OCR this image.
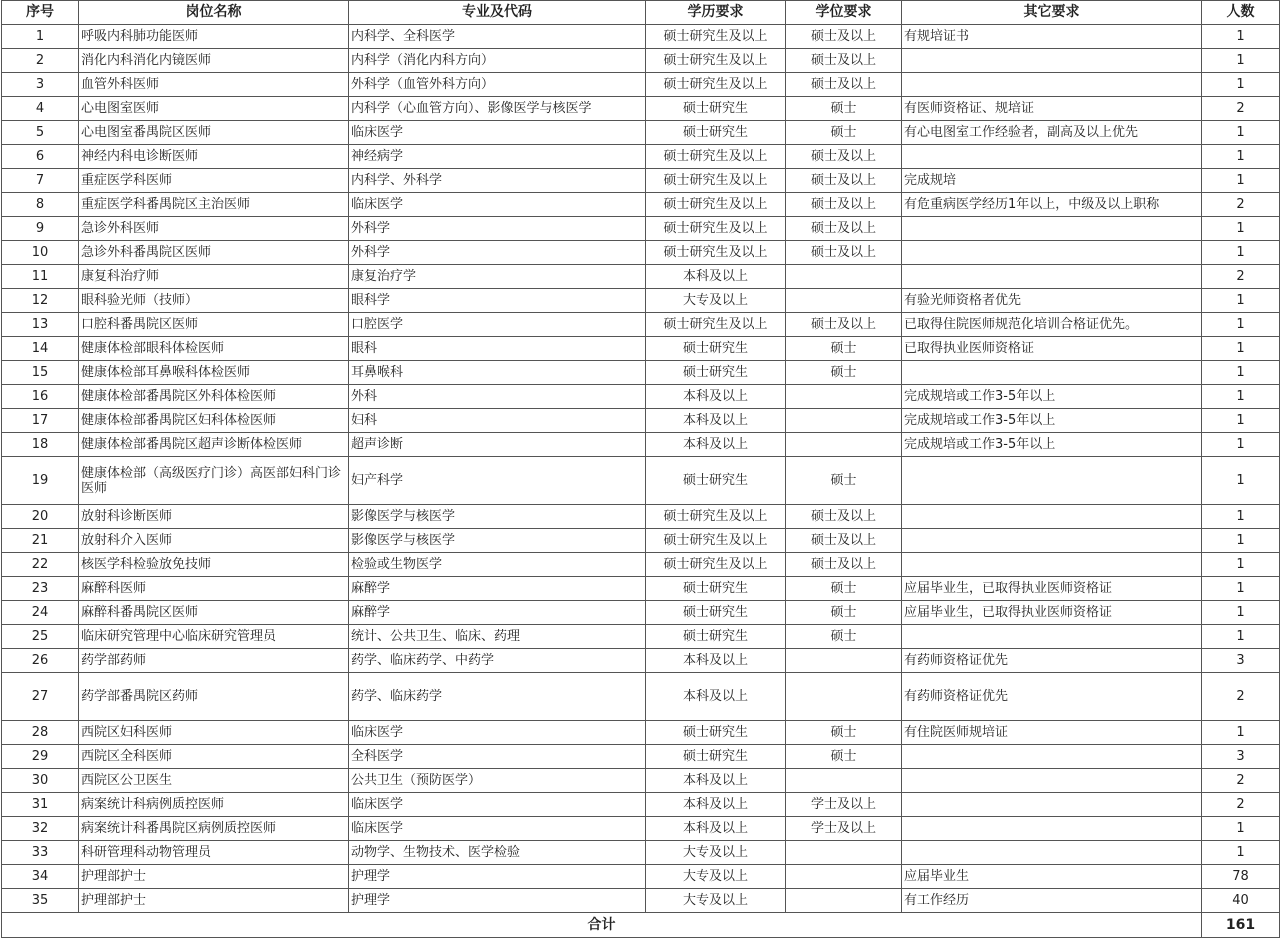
序号	岗位名称	专业及代码	学历要求	学位要求	其它要求	人数
1	呼吸内科肺功能医师	内科学、全科医学	硕士研究生及以上	硕士及以上	有规培证书	1
2	消化内科消化内镜医师	内科学（消化内科方向）	硕士研究生及以上	硕士及以上		1
3	血管外科医师	外科学（血管外科方向）	硕士研究生及以上	硕士及以上		1
4	心电图室医师	内科学（心血管方向）、影像医学与核医学	硕士研究生	硕士	有医师资格证、规培证	2
5	心电图室番禺院区医师	临床医学	硕士研究生	硕士	有心电图室工作经验者，副高及以上优先	1
6	神经内科电诊断医师	神经病学	硕士研究生及以上	硕士及以上		1
7	重症医学科医师	内科学、外科学	硕士研究生及以上	硕士及以上	完成规培	1
8	重症医学科番禺院区主治医师	临床医学	硕士研究生及以上	硕士及以上	有危重病医学经历1年以上，中级及以上职称	2
9	急诊外科医师	外科学	硕士研究生及以上	硕士及以上		1
10	急诊外科番禺院区医师	外科学	硕士研究生及以上	硕士及以上		1
11	康复科治疗师	康复治疗学	本科及以上			2
12	眼科验光师（技师）	眼科学	大专及以上		有验光师资格者优先	1
13	口腔科番禺院区医师	口腔医学	硕士研究生及以上	硕士及以上	已取得住院医师规范化培训合格证优先。	1
14	健康体检部眼科体检医师	眼科	硕士研究生	硕士	已取得执业医师资格证	1
15	健康体检部耳鼻喉科体检医师	耳鼻喉科	硕士研究生	硕士		1
16	健康体检部番禺院区外科体检医师	外科	本科及以上		完成规培或工作3-5年以上	1
17	健康体检部番禺院区妇科体检医师	妇科	本科及以上		完成规培或工作3-5年以上	1
18	健康体检部番禺院区超声诊断体检医师	超声诊断	本科及以上		完成规培或工作3-5年以上	1
19	健康体检部（高级医疗门诊）高医部妇科门诊医师	妇产科学	硕士研究生	硕士		1
20	放射科诊断医师	影像医学与核医学	硕士研究生及以上	硕士及以上		1
21	放射科介入医师	影像医学与核医学	硕士研究生及以上	硕士及以上		1
22	核医学科检验放免技师	检验或生物医学	硕士研究生及以上	硕士及以上		1
23	麻醉科医师	麻醉学	硕士研究生	硕士	应届毕业生，已取得执业医师资格证	1
24	麻醉科番禺院区医师	麻醉学	硕士研究生	硕士	应届毕业生，已取得执业医师资格证	1
25	临床研究管理中心临床研究管理员	统计、公共卫生、临床、药理	硕士研究生	硕士		1
26	药学部药师	药学、临床药学、中药学	本科及以上		有药师资格证优先	3
27	药学部番禺院区药师	药学、临床药学	本科及以上		有药师资格证优先	2
28	西院区妇科医师	临床医学	硕士研究生	硕士	有住院医师规培证	1
29	西院区全科医师	全科医学	硕士研究生	硕士		3
30	西院区公卫医生	公共卫生（预防医学）	本科及以上			2
31	病案统计科病例质控医师	临床医学	本科及以上	学士及以上		2
32	病案统计科番禺院区病例质控医师	临床医学	本科及以上	学士及以上		1
33	科研管理科动物管理员	动物学、生物技术、医学检验	大专及以上			1
34	护理部护士	护理学	大专及以上		应届毕业生	78
35	护理部护士	护理学	大专及以上		有工作经历	40
合计						161
